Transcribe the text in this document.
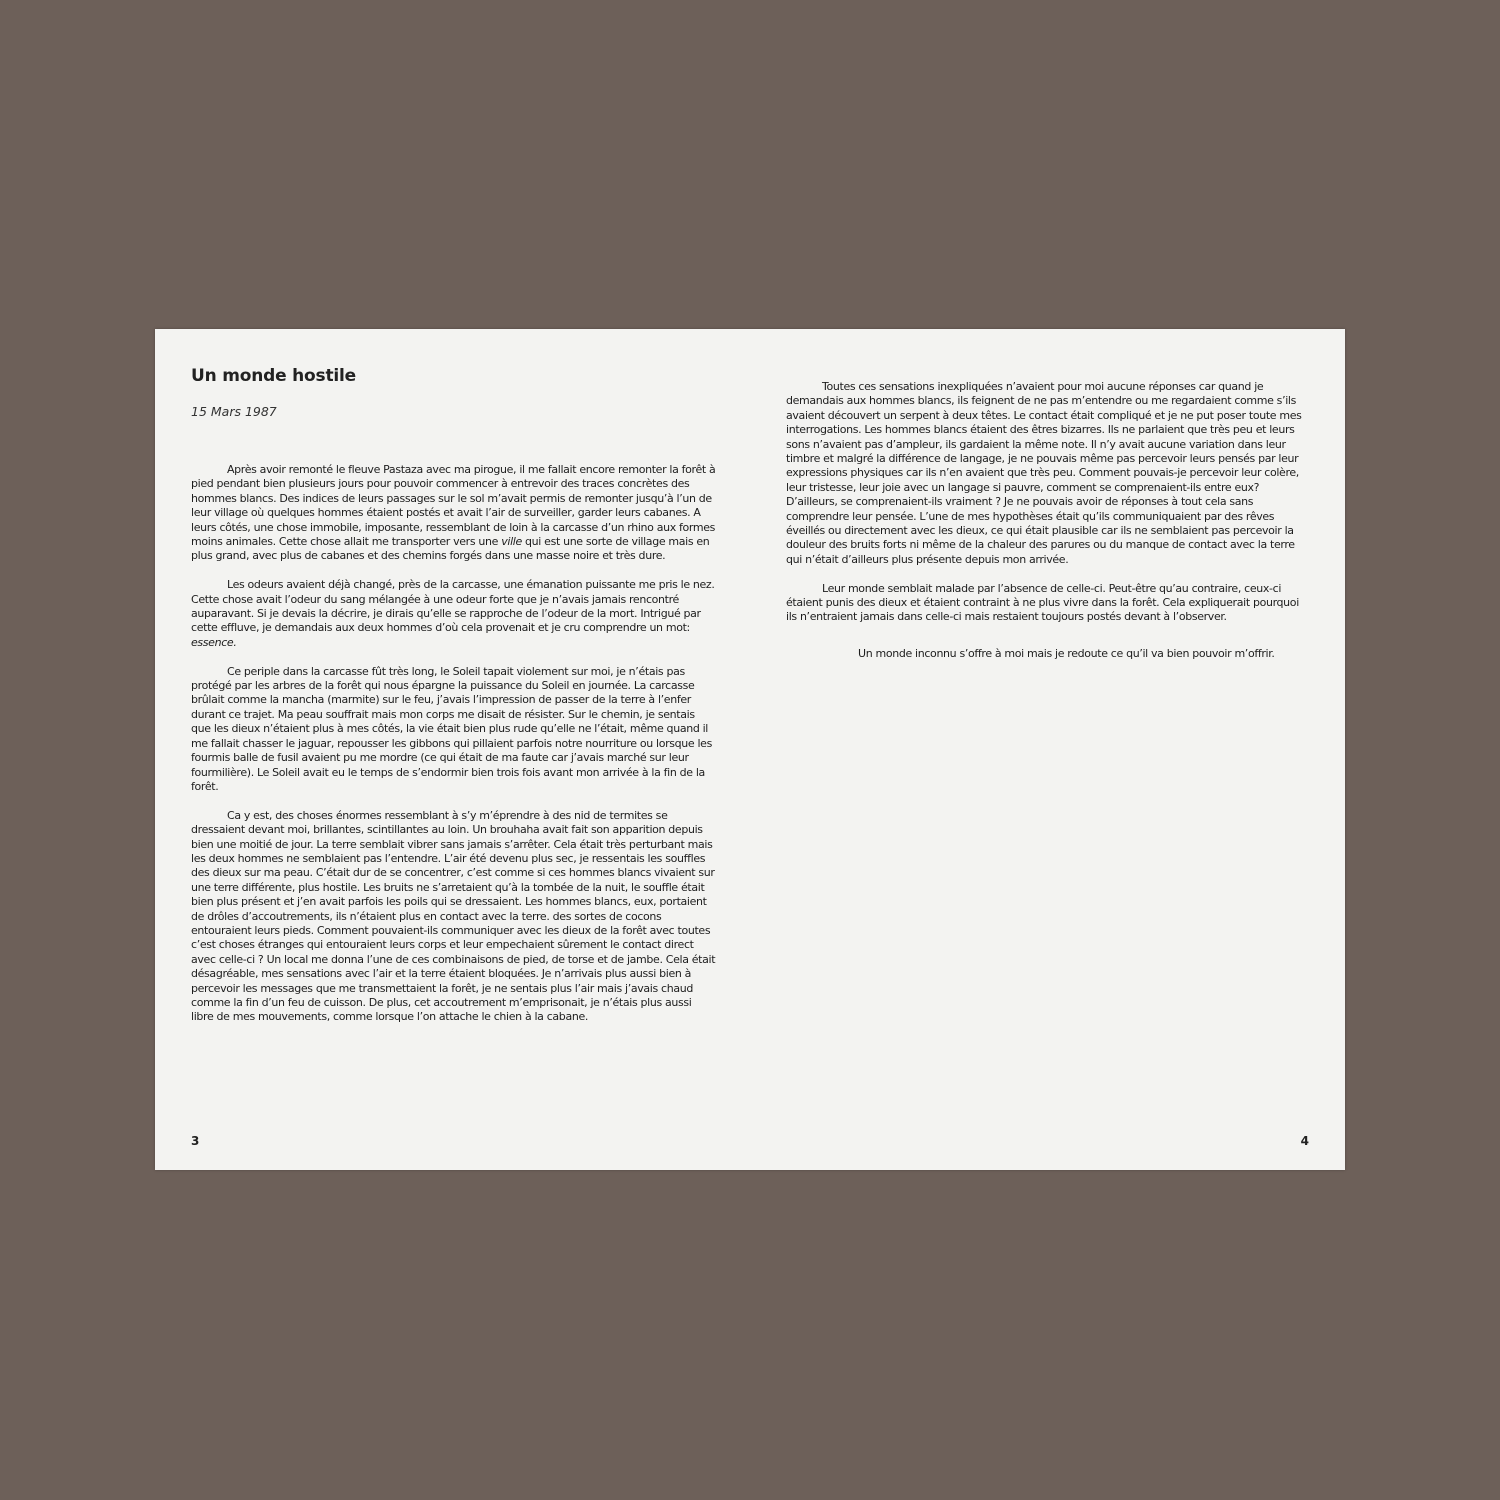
Un monde hostile

15 Mars 1987

Après avoir remonté le fleuve Pastaza avec ma pirogue, il me fallait encore remonter la forêt à pied pendant bien plusieurs jours pour pouvoir commencer à entrevoir des traces concrètes des hommes blancs. Des indices de leurs passages sur le sol m’avait permis de remonter jusqu’à l’un de leur village où quelques hommes étaient postés et avait l’air de surveiller, garder leurs cabanes. A leurs côtés, une chose immobile, imposante, ressemblant de loin à la carcasse d’un rhino aux formes moins animales. Cette chose allait me transporter vers une ville qui est une sorte de village mais en plus grand, avec plus de cabanes et des chemins forgés dans une masse noire et très dure.

Les odeurs avaient déjà changé, près de la carcasse, une émanation puissante me pris le nez. Cette chose avait l’odeur du sang mélangée à une odeur forte que je n’avais jamais rencontré auparavant. Si je devais la décrire, je dirais qu’elle se rapproche de l’odeur de la mort. Intrigué par cette effluve, je demandais aux deux hommes d’où cela provenait et je cru comprendre un mot: essence.

Ce periple dans la carcasse fût très long, le Soleil tapait violement sur moi, je n’étais pas protégé par les arbres de la forêt qui nous épargne la puissance du Soleil en journée. La carcasse brûlait comme la mancha (marmite) sur le feu, j’avais l’impression de passer de la terre à l’enfer durant ce trajet. Ma peau souffrait mais mon corps me disait de résister. Sur le chemin, je sentais que les dieux n’étaient plus à mes côtés, la vie était bien plus rude qu’elle ne l’était, même quand il me fallait chasser le jaguar, repousser les gibbons qui pillaient parfois notre nourriture ou lorsque les fourmis balle de fusil avaient pu me mordre (ce qui était de ma faute car j’avais marché sur leur fourmilière). Le Soleil avait eu le temps de s’endormir bien trois fois avant mon arrivée à la fin de la forêt.

Ca y est, des choses énormes ressemblant à s’y m’éprendre à des nid de termites se dressaient devant moi, brillantes, scintillantes au loin. Un brouhaha avait fait son apparition depuis bien une moitié de jour. La terre semblait vibrer sans jamais s’arrêter. Cela était très perturbant mais les deux hommes ne semblaient pas l’entendre. L’air été devenu plus sec, je ressentais les souffles des dieux sur ma peau. C’était dur de se concentrer, c’est comme si ces hommes blancs vivaient sur une terre différente, plus hostile. Les bruits ne s’arretaient qu’à la tombée de la nuit, le souffle était bien plus présent et j’en avait parfois les poils qui se dressaient. Les hommes blancs, eux, portaient de drôles d’accoutrements, ils n’étaient plus en contact avec la terre. des sortes de cocons entouraient leurs pieds. Comment pouvaient-ils communiquer avec les dieux de la forêt avec toutes c’est choses étranges qui entouraient leurs corps et leur empechaient sûrement le contact direct avec celle-ci ? Un local me donna l’une de ces combinaisons de pied, de torse et de jambe. Cela était désagréable, mes sensations avec l’air et la terre étaient bloquées. Je n’arrivais plus aussi bien à percevoir les messages que me transmettaient la forêt, je ne sentais plus l’air mais j’avais chaud comme la fin d’un feu de cuisson. De plus, cet accoutrement m’emprisonait, je n’étais plus aussi libre de mes mouvements, comme lorsque l’on attache le chien à la cabane.

3

Toutes ces sensations inexpliquées n’avaient pour moi aucune réponses car quand je demandais aux hommes blancs, ils feignent de ne pas m’entendre ou me regardaient comme s’ils avaient découvert un serpent à deux têtes. Le contact était compliqué et je ne put poser toute mes interrogations. Les hommes blancs étaient des êtres bizarres. Ils ne parlaient que très peu et leurs sons n’avaient pas d’ampleur, ils gardaient la même note. Il n’y avait aucune variation dans leur timbre et malgré la différence de langage, je ne pouvais même pas percevoir leurs pensés par leur expressions physiques car ils n’en avaient que très peu. Comment pouvais-je percevoir leur colère, leur tristesse, leur joie avec un langage si pauvre, comment se comprenaient-ils entre eux? D’ailleurs, se comprenaient-ils vraiment ? Je ne pouvais avoir de réponses à tout cela sans comprendre leur pensée. L’une de mes hypothèses était qu’ils communiquaient par des rêves éveillés ou directement avec les dieux, ce qui était plausible car ils ne semblaient pas percevoir la douleur des bruits forts ni même de la chaleur des parures ou du manque de contact avec la terre qui n’était d’ailleurs plus présente depuis mon arrivée.

Leur monde semblait malade par l’absence de celle-ci. Peut-être qu’au contraire, ceux-ci étaient punis des dieux et étaient contraint à ne plus vivre dans la forêt. Cela expliquerait pourquoi ils n’entraient jamais dans celle-ci mais restaient toujours postés devant à l’observer.

Un monde inconnu s’offre à moi mais je redoute ce qu’il va bien pouvoir m’offrir.

4
